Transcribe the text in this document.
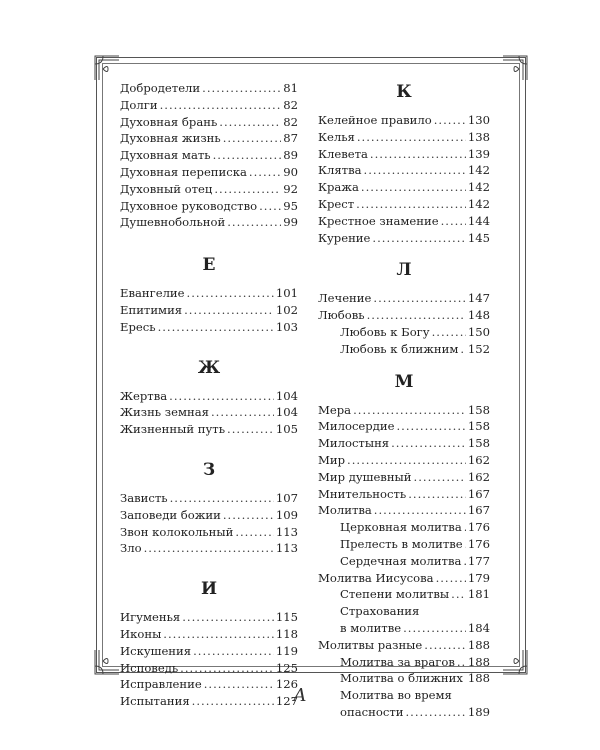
Добродетели .....	81
Долги .....	82
Духовная брань .....	82
Духовная жизнь .....	87
Духовная мать .....	89
Духовная переписка .....	90
Духовный отец .....	92
Духовное руководство ..... 95
Душевнобольной .....	99
Е
Евангелие .....	101
Епитимия .....	102
Ересь .....	103
Ж
Жертва .....	104
Жизнь земная .....	104
Жизненный путь .....	105
З
Зависть .....	107
Заповеди божии .....	109
Звон колокольный .....	113
Зло .....	113
И
Игуменья .....	115
Иконы .....	118
Искушения .....	119
Исповедь .....	125
Исправление .....	126
Испытания .....	127
К
Келейное правило .....	130
Келья .....	138
Клевета .....	139
Клятва .....	142
Кража .....	142
Крест .....	142
Крестное знамение .....	144
Курение .....	145
Л
Лечение .....	147
Любовь .....	148
Любовь к Богу .....	150
Любовь к ближним ..... 152
М
Мера .....	158
Милосердие .....	158
Милостыня .....	158
Мир .....	162
Мир душевный .....	162
Мнительность .....	167
Молитва .....	167
Церковная молитва ..... 176
Прелесть в молитве ..... 176
Сердечная молитва ..... 177
Молитва Иисусова .....	179
Степени молитвы ..... 181
Страхования
в молитве .....	184
Молитвы разные .....	188
Молитва за врагов ..... 188
Молитва о ближних ..... 188
Молитва во время
опасности .....	189
А
